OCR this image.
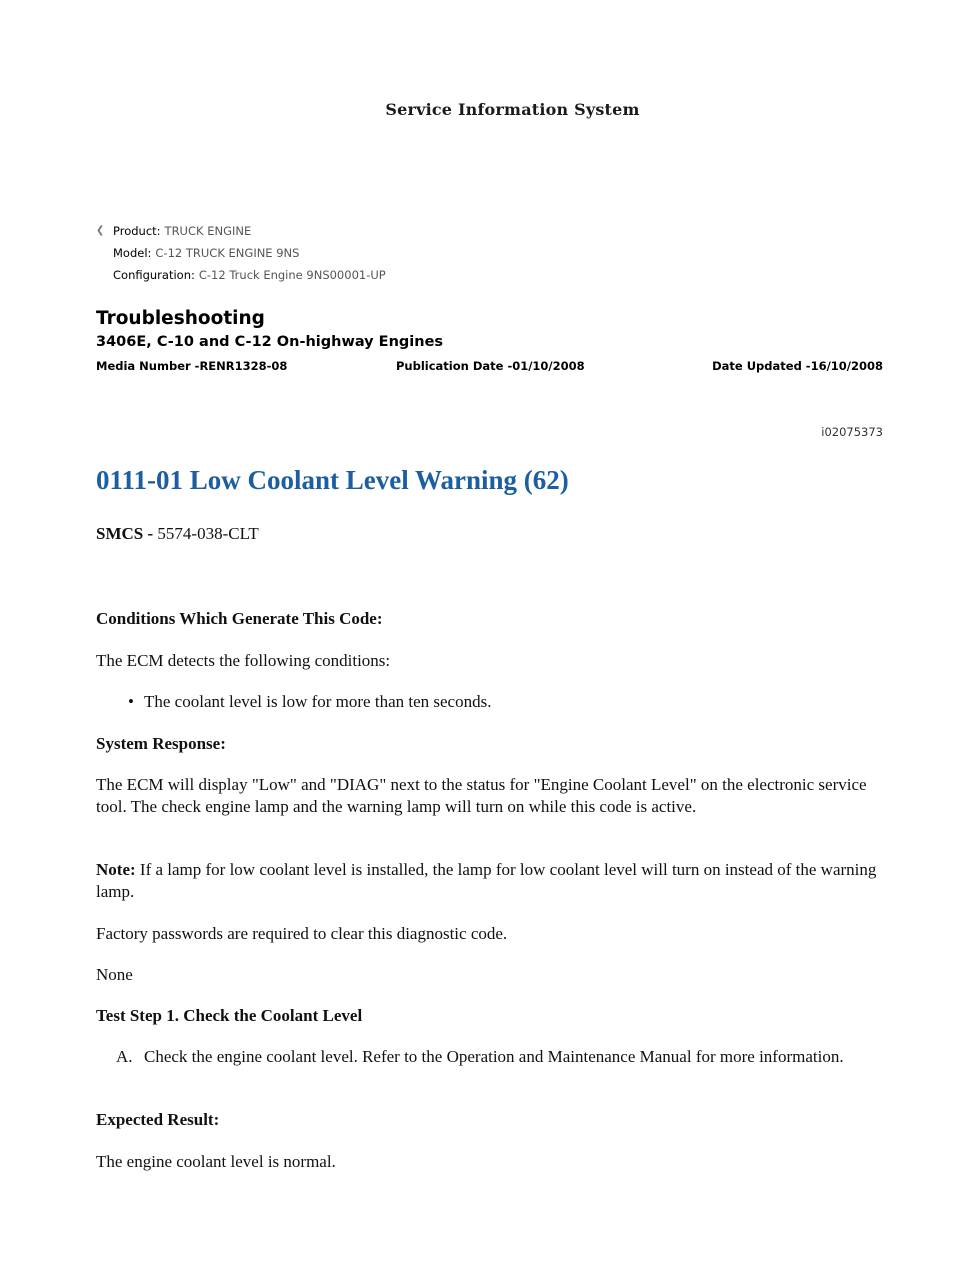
Service Information System
❮ Product: TRUCK ENGINE
Model: C-12 TRUCK ENGINE 9NS
Configuration: C-12 Truck Engine 9NS00001-UP
Troubleshooting
3406E, C-10 and C-12 On-highway Engines
Media Number -RENR1328-08	Publication Date -01/10/2008	Date Updated -16/10/2008
i02075373
0111-01 Low Coolant Level Warning (62)
SMCS - 5574-038-CLT
Conditions Which Generate This Code:
The ECM detects the following conditions:
• The coolant level is low for more than ten seconds.
System Response:
The ECM will display "Low" and "DIAG" next to the status for "Engine Coolant Level" on the electronic service tool. The check engine lamp and the warning lamp will turn on while this code is active.
Note: If a lamp for low coolant level is installed, the lamp for low coolant level will turn on instead of the warning lamp.
Factory passwords are required to clear this diagnostic code.
None
Test Step 1. Check the Coolant Level
A. Check the engine coolant level. Refer to the Operation and Maintenance Manual for more information.
Expected Result:
The engine coolant level is normal.
